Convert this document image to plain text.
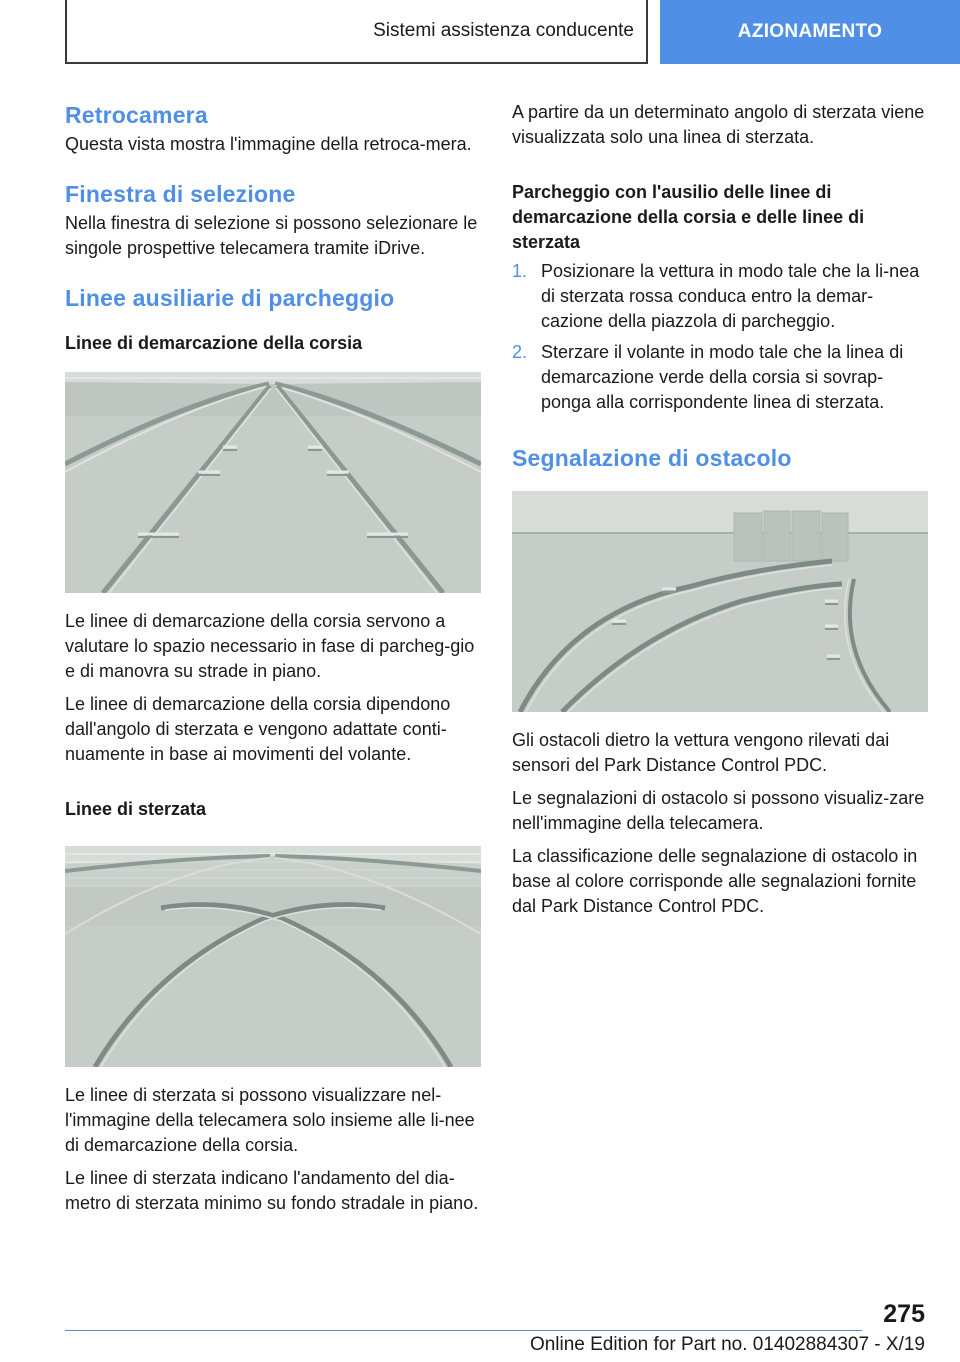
Sistemi assistenza conducente	AZIONAMENTO
Retrocamera

Questa vista mostra l'immagine della retroca-mera.

Finestra di selezione

Nella finestra di selezione si possono selezionare le singole prospettive telecamera tramite iDrive.

Linee ausiliarie di parcheggio
Linee di demarcazione della corsia

Le linee di demarcazione della corsia servono a valutare lo spazio necessario in fase di parcheg-gio e di manovra su strade in piano.

Le linee di demarcazione della corsia dipendono dall'angolo di sterzata e vengono adattate conti-nuamente in base ai movimenti del volante.

Linee di sterzata

Le linee di sterzata si possono visualizzare nel-l'immagine della telecamera solo insieme alle li-nee di demarcazione della corsia.

Le linee di sterzata indicano l'andamento del dia-metro di sterzata minimo su fondo stradale in piano.

A partire da un determinato angolo di sterzata viene visualizzata solo una linea di sterzata.

Parcheggio con l'ausilio delle linee di demarcazione della corsia e delle linee di sterzata
1. Posizionare la vettura in modo tale che la li-nea di sterzata rossa conduca entro la demar-cazione della piazzola di parcheggio.
2. Sterzare il volante in modo tale che la linea di demarcazione verde della corsia si sovrap-ponga alla corrispondente linea di sterzata.
Segnalazione di ostacolo

Gli ostacoli dietro la vettura vengono rilevati dai sensori del Park Distance Control PDC.

Le segnalazioni di ostacolo si possono visualiz-zare nell'immagine della telecamera.

La classificazione delle segnalazione di ostacolo in base al colore corrisponde alle segnalazioni fornite dal Park Distance Control PDC.

275
Online Edition for Part no. 01402884307 - X/19
